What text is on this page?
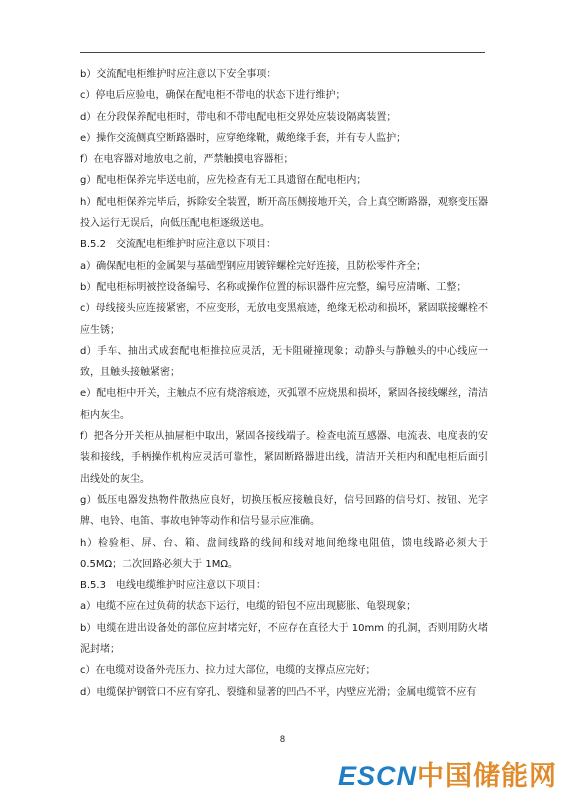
b）交流配电柜维护时应注意以下安全事项：

c）停电后应验电，确保在配电柜不带电的状态下进行维护；

d）在分段保养配电柜时，带电和不带电配电柜交界处应装设隔离装置；

e）操作交流侧真空断路器时，应穿绝缘靴，戴绝缘手套，并有专人监护；

f）在电容器对地放电之前，严禁触摸电容器柜；

g）配电柜保养完毕送电前，应先检查有无工具遗留在配电柜内；

h）配电柜保养完毕后，拆除安全装置，断开高压侧接地开关，合上真空断路器，观察变压器投入运行无误后，向低压配电柜逐级送电。

B.5.2　交流配电柜维护时应注意以下项目：

a）确保配电柜的金属架与基础型钢应用镀锌螺栓完好连接，且防松零件齐全；

b）配电柜标明被控设备编号、名称或操作位置的标识器件应完整，编号应清晰、工整；

c）母线接头应连接紧密，不应变形，无放电变黑痕迹，绝缘无松动和损坏，紧固联接螺栓不应生锈；

d）手车、抽出式成套配电柜推拉应灵活，无卡阻碰撞现象；动静头与静触头的中心线应一致，且触头接触紧密；

e）配电柜中开关，主触点不应有烧溶痕迹，灭弧罩不应烧黑和损坏，紧固各接线螺丝，清洁柜内灰尘。

f）把各分开关柜从抽屉柜中取出，紧固各接线端子。检查电流互感器、电流表、电度表的安装和接线，手柄操作机构应灵活可靠性，紧固断路器进出线，清洁开关柜内和配电柜后面引出线处的灰尘。

g）低压电器发热物件散热应良好，切换压板应接触良好，信号回路的信号灯、按钮、光字牌、电铃、电笛、事故电钟等动作和信号显示应准确。

h）检验柜、屏、台、箱、盘间线路的线间和线对地间绝缘电阻值，馈电线路必须大于 0.5MΩ；二次回路必须大于 1MΩ。

B.5.3　电线电缆维护时应注意以下项目：

a）电缆不应在过负荷的状态下运行，电缆的铅包不应出现膨胀、龟裂现象；

b）电缆在进出设备处的部位应封堵完好，不应存在直径大于 10mm 的孔洞，否则用防火堵泥封堵；

c）在电缆对设备外壳压力、拉力过大部位，电缆的支撑点应完好；

d）电缆保护钢管口不应有穿孔、裂缝和显著的凹凸不平，内壁应光滑；金属电缆管不应有

8
ESCN中国储能网
